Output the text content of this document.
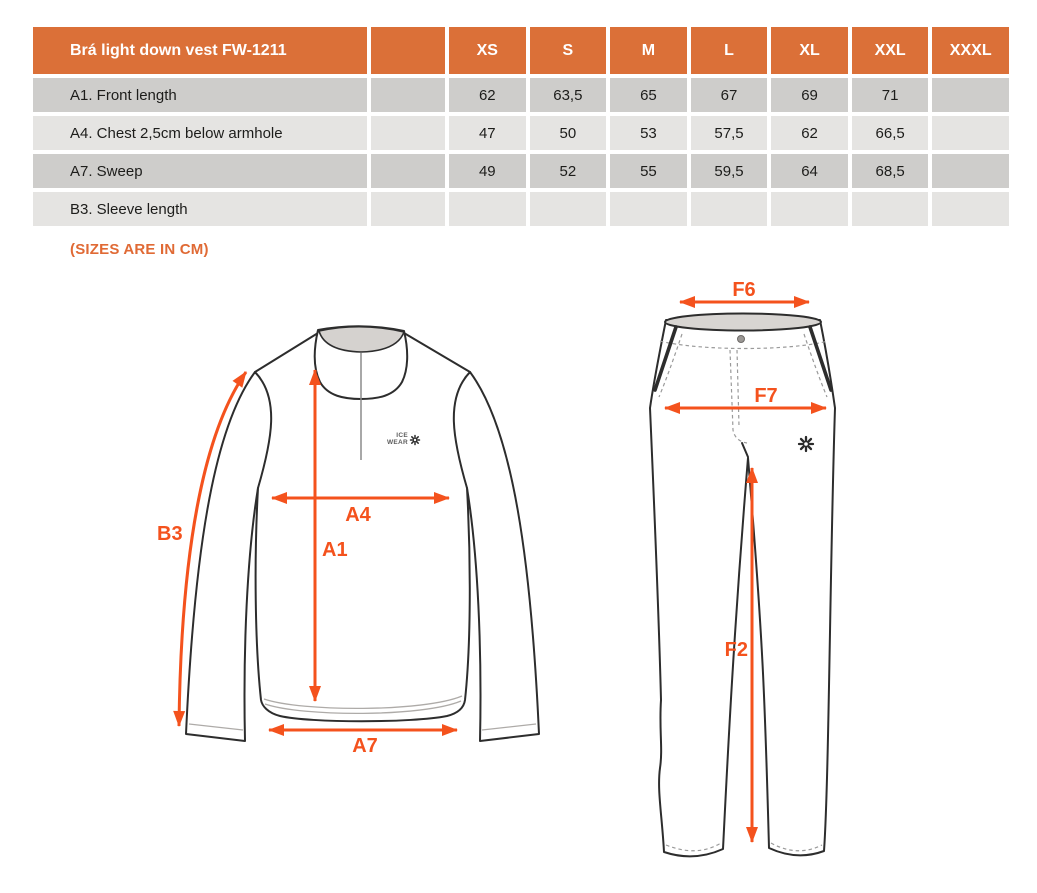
Brá light down vest FW-1211	XS	S	M	L	XL	XXL	XXXL
A1. Front length	62	63,5	65	67	69	71
A4. Chest 2,5cm below armhole	47	50	53	57,5	62	66,5
A7. Sweep	49	52	55	59,5	64	68,5
B3. Sleeve length
(SIZES ARE IN CM)
ICE
WEAR
B3
A4
A1
A7
F6
F7
F2
